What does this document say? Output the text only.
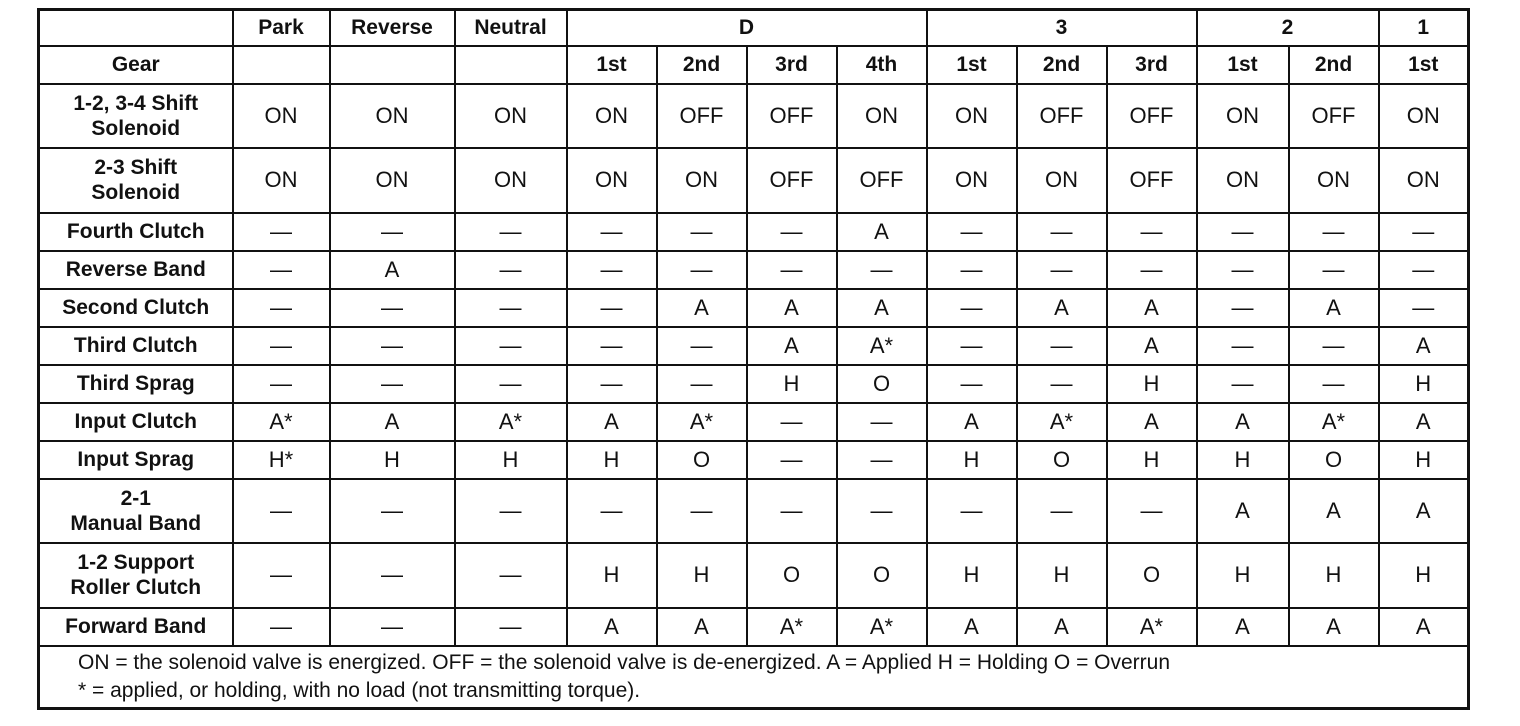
	Park	Reverse	Neutral	D				3			2		1
Gear				1st	2nd	3rd	4th	1st	2nd	3rd	1st	2nd	1st

1-2, 3-4 Shift
Solenoid	ON	ON	ON	ON	OFF	OFF	ON	ON	OFF	OFF	ON	OFF	ON

2-3 Shift
Solenoid	ON	ON	ON	ON	ON	OFF	OFF	ON	ON	OFF	ON	ON	ON

Fourth Clutch	—	—	—	—	—	—	A	—	—	—	—	—	—

Reverse Band	—	A	—	—	—	—	—	—	—	—	—	—	—

Second Clutch	—	—	—	—	A	A	A	—	A	A	—	A	—

Third Clutch	—	—	—	—	—	A	A*	—	—	A	—	—	A

Third Sprag	—	—	—	—	—	H	O	—	—	H	—	—	H

Input Clutch	A*	A	A*	A	A*	—	—	A	A*	A	A	A*	A

Input Sprag	H*	H	H	H	O	—	—	H	O	H	H	O	H

2-1
Manual Band	—	—	—	—	—	—	—	—	—	—	A	A	A

1-2 Support
Roller Clutch	—	—	—	H	H	O	O	H	H	O	H	H	H

Forward Band	—	—	—	A	A	A*	A*	A	A	A*	A	A	A

ON = the solenoid valve is energized. OFF = the solenoid valve is de-energized. A = Applied H = Holding O = Overrun
* = applied, or holding, with no load (not transmitting torque).													
